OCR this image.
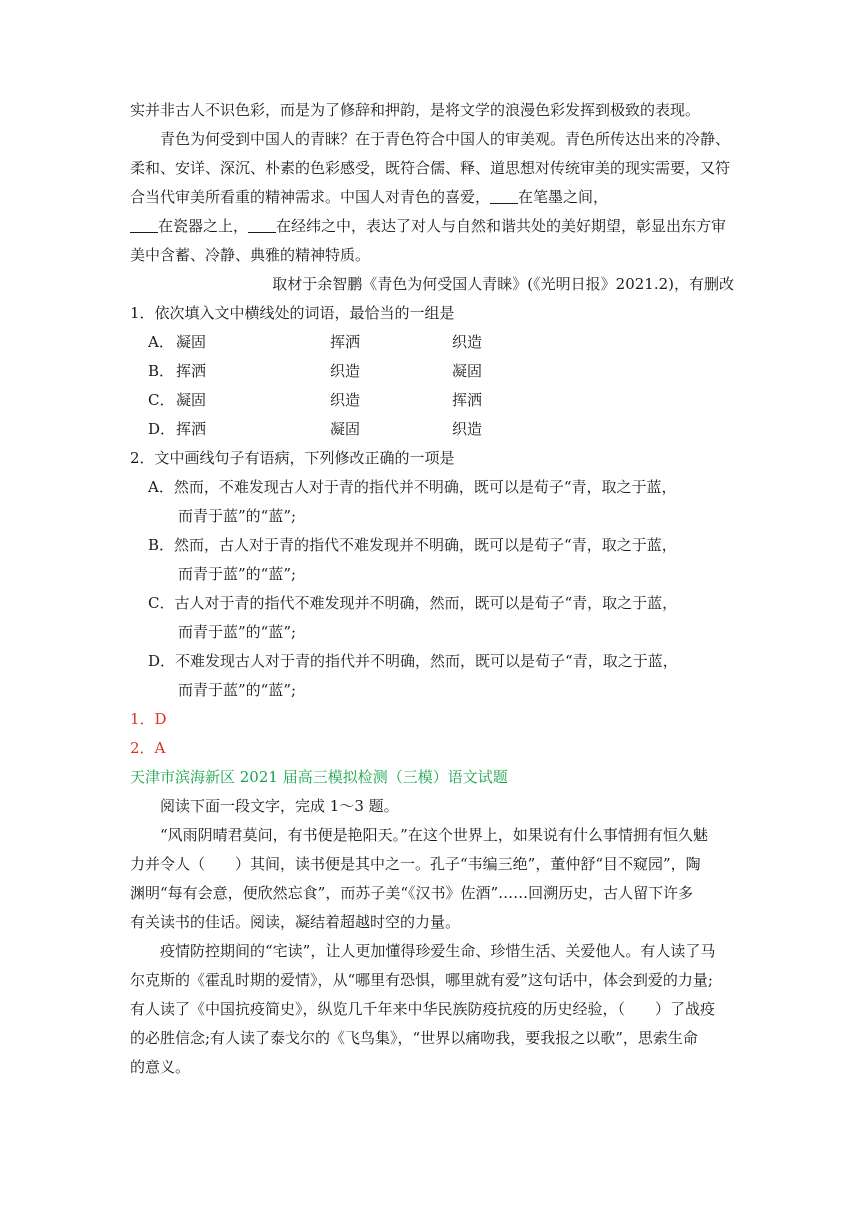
实并非古人不识色彩，而是为了修辞和押韵，是将文学的浪漫色彩发挥到极致的表现。
青色为何受到中国人的青睐？在于青色符合中国人的审美观。青色所传达出来的冷静、
柔和、安详、深沉、朴素的色彩感受，既符合儒、释、道思想对传统审美的现实需要，又符
合当代审美所看重的精神需求。中国人对青色的喜爱， 在笔墨之间，
在瓷器之上， 在经纬之中，表达了对人与自然和谐共处的美好期望，彰显出东方审
美中含蓄、冷静、典雅的精神特质。
取材于余智鹏《青色为何受国人青睐》(《光明日报》2021.2)，有删改
1．依次填入文中横线处的词语，最恰当的一组是
A． 凝固	挥洒	织造
B． 挥洒	织造	凝固
C． 凝固	织造	挥洒
D． 挥洒	凝固	织造
2．文中画线句子有语病，下列修改正确的一项是
A．然而，不难发现古人对于青的指代并不明确，既可以是荀子“青，取之于蓝，
而青于蓝”的“蓝”;
B．然而，古人对于青的指代不难发现并不明确，既可以是荀子“青，取之于蓝，
而青于蓝”的“蓝”;
C．古人对于青的指代不难发现并不明确，然而，既可以是荀子“青，取之于蓝，
而青于蓝”的“蓝”;
D．不难发现古人对于青的指代并不明确，然而，既可以是荀子“青，取之于蓝，
而青于蓝”的“蓝”;
1．D
2．A
天津市滨海新区 2021 届高三模拟检测（三模）语文试题
阅读下面一段文字，完成 1～3 题。
“风雨阴晴君莫问，有书便是艳阳天。”在这个世界上，如果说有什么事情拥有恒久魅
力并令人（　　）其间，读书便是其中之一。孔子“韦编三绝”，董仲舒“目不窥园”，陶
渊明“每有会意，便欣然忘食”，而苏子美“《汉书》佐酒”……回溯历史，古人留下许多
有关读书的佳话。阅读，凝结着超越时空的力量。
疫情防控期间的“宅读”，让人更加懂得珍爱生命、珍惜生活、关爱他人。有人读了马
尔克斯的《霍乱时期的爱情》，从“哪里有恐惧，哪里就有爱”这句话中，体会到爱的力量;
有人读了《中国抗疫简史》，纵览几千年来中华民族防疫抗疫的历史经验，（　　）了战疫
的必胜信念;有人读了泰戈尔的《飞鸟集》，“世界以痛吻我，要我报之以歌”，思索生命
的意义。
